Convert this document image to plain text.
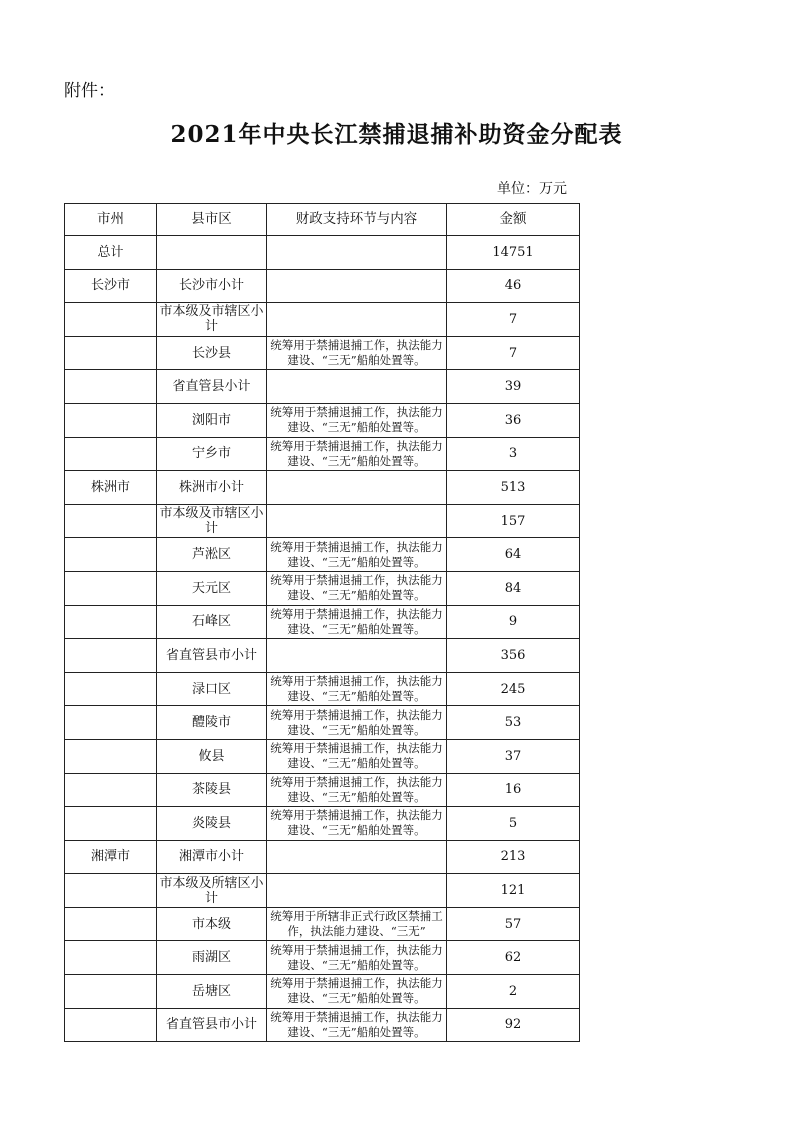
附件：
2021年中央长江禁捕退捕补助资金分配表
单位：万元
市州	县市区	财政支持环节与内容	金额
总计			14751
长沙市	长沙市小计		46
	市本级及市辖区小计		7
	长沙县	统筹用于禁捕退捕工作，执法能力建设、“三无”船舶处置等。	7
	省直管县小计		39
	浏阳市	统筹用于禁捕退捕工作，执法能力建设、“三无”船舶处置等。	36
	宁乡市	统筹用于禁捕退捕工作，执法能力建设、“三无”船舶处置等。	3
株洲市	株洲市小计		513
	市本级及市辖区小计		157
	芦淞区	统筹用于禁捕退捕工作，执法能力建设、“三无”船舶处置等。	64
	天元区	统筹用于禁捕退捕工作，执法能力建设、“三无”船舶处置等。	84
	石峰区	统筹用于禁捕退捕工作，执法能力建设、“三无”船舶处置等。	9
	省直管县市小计		356
	渌口区	统筹用于禁捕退捕工作，执法能力建设、“三无”船舶处置等。	245
	醴陵市	统筹用于禁捕退捕工作，执法能力建设、“三无”船舶处置等。	53
	攸县	统筹用于禁捕退捕工作，执法能力建设、“三无”船舶处置等。	37
	茶陵县	统筹用于禁捕退捕工作，执法能力建设、“三无”船舶处置等。	16
	炎陵县	统筹用于禁捕退捕工作，执法能力建设、“三无”船舶处置等。	5
湘潭市	湘潭市小计		213
	市本级及所辖区小计		121
	市本级	统筹用于所辖非正式行政区禁捕工作，执法能力建设、“三无”	57
	雨湖区	统筹用于禁捕退捕工作，执法能力建设、“三无”船舶处置等。	62
	岳塘区	统筹用于禁捕退捕工作，执法能力建设、“三无”船舶处置等。	2
	省直管县市小计	统筹用于禁捕退捕工作，执法能力建设、“三无”船舶处置等。	92
